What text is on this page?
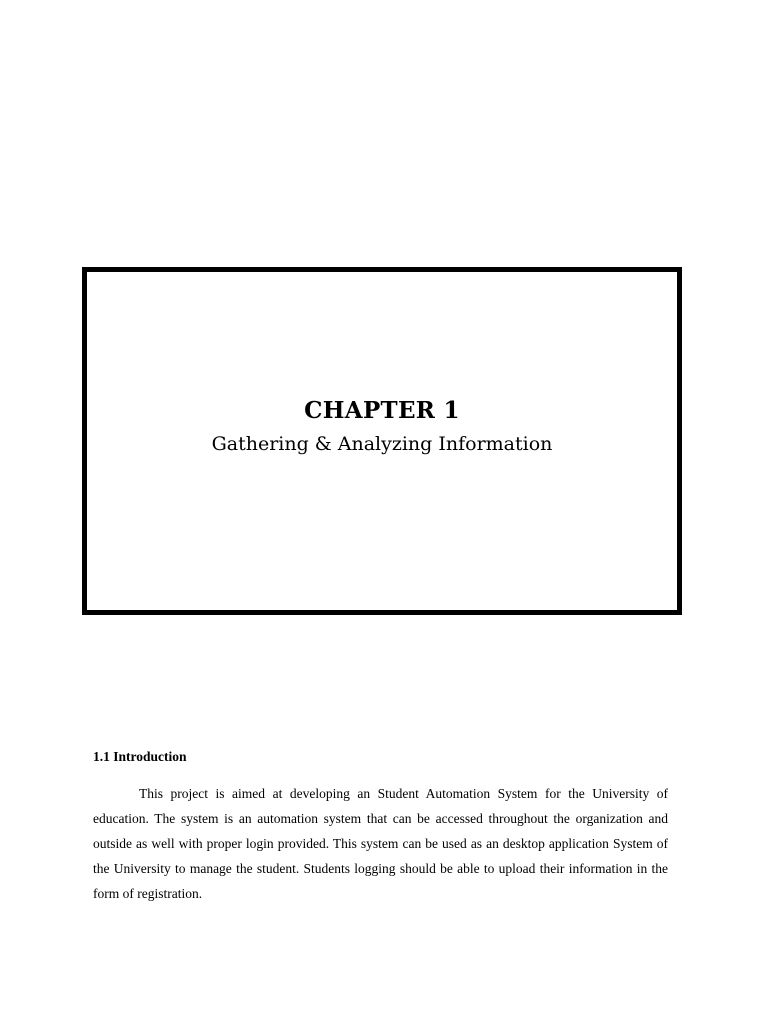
CHAPTER 1
Gathering & Analyzing Information
1.1 Introduction

This project is aimed at developing an Student Automation System for the University of education. The system is an automation system that can be accessed throughout the organization and outside as well with proper login provided. This system can be used as an desktop application System of the University to manage the student. Students logging should be able to upload their information in the form of registration.
